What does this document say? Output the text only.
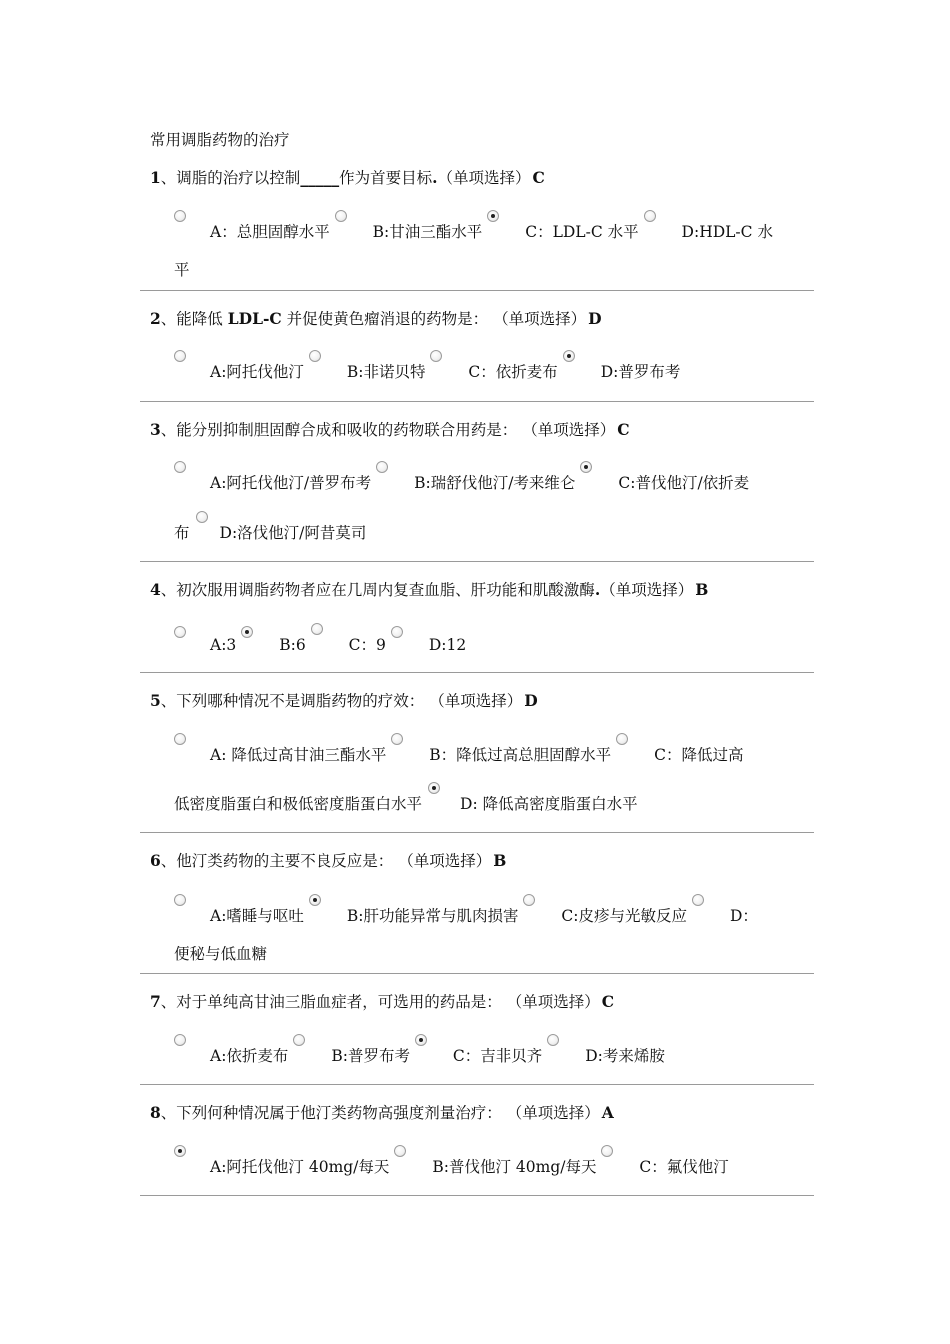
常用调脂药物的治疗
1、调脂的治疗以控制_____作为首要目标.（单项选择） C
A：总胆固醇水平	B:甘油三酯水平	C：LDL-C 水平	D:HDL-C 水
平
2、能降低 LDL-C 并促使黄色瘤消退的药物是： （单项选择） D
A:阿托伐他汀	B:非诺贝特	C：依折麦布	D:普罗布考
3、能分别抑制胆固醇合成和吸收的药物联合用药是： （单项选择） C
A:阿托伐他汀/普罗布考	B:瑞舒伐他汀/考来维仑	C:普伐他汀/依折麦
布 D:洛伐他汀/阿昔莫司
4、初次服用调脂药物者应在几周内复查血脂、肝功能和肌酸激酶.（单项选择） B
A:3	B:6	C：9	D:12
5、下列哪种情况不是调脂药物的疗效： （单项选择） D
A: 降低过高甘油三酯水平	B：降低过高总胆固醇水平	C：降低过高
低密度脂蛋白和极低密度脂蛋白水平 D: 降低高密度脂蛋白水平
6、他汀类药物的主要不良反应是： （单项选择） B
A:嗜睡与呕吐	B:肝功能异常与肌肉损害	C:皮疹与光敏反应	D：
便秘与低血糖
7、对于单纯高甘油三脂血症者，可选用的药品是： （单项选择） C
A:依折麦布	B:普罗布考	C：吉非贝齐	D:考来烯胺
8、下列何种情况属于他汀类药物高强度剂量治疗： （单项选择） A
A:阿托伐他汀 40mg/每天	B:普伐他汀 40mg/每天	C：氟伐他汀
